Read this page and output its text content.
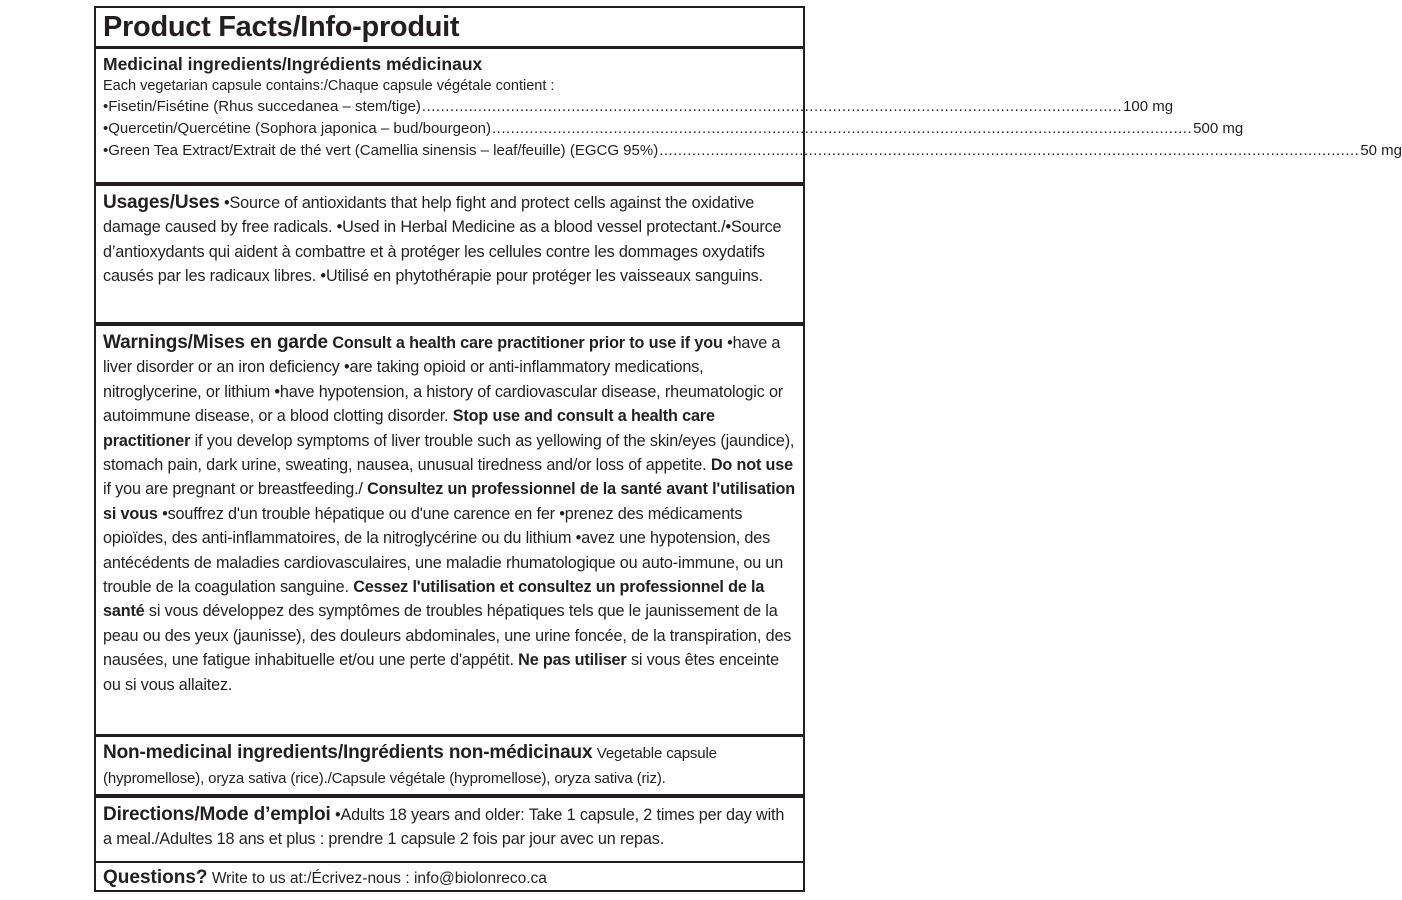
Product Facts/Info-produit
Medicinal ingredients/Ingrédients médicinaux
Each vegetarian capsule contains:/Chaque capsule végétale contient :
•Fisetin/Fisétine (Rhus succedanea – stem/tige) ...................................................................................................................................................... 100 mg
•Quercetin/Quercétine (Sophora japonica – bud/bourgeon) ...................................................................................................................................................... 500 mg
•Green Tea Extract/Extrait de thé vert (Camellia sinensis – leaf/feuille) (EGCG 95%) ...................................................................................................................................................... 50 mg
Usages/Uses •Source of antioxidants that help fight and protect cells against the oxidative damage caused by free radicals. •Used in Herbal Medicine as a blood vessel protectant./•Source d’antioxydants qui aident à combattre et à protéger les cellules contre les dommages oxydatifs causés par les radicaux libres. •Utilisé en phytothérapie pour protéger les vaisseaux sanguins.
Warnings/Mises en garde Consult a health care practitioner prior to use if you •have a liver disorder or an iron deficiency •are taking opioid or anti-inflammatory medications, nitroglycerine, or lithium •have hypotension, a history of cardiovascular disease, rheumatologic or autoimmune disease, or a blood clotting disorder. Stop use and consult a health care practitioner if you develop symptoms of liver trouble such as yellowing of the skin/eyes (jaundice), stomach pain, dark urine, sweating, nausea, unusual tiredness and/or loss of appetite. Do not use if you are pregnant or breastfeeding./ Consultez un professionnel de la santé avant l'utilisation si vous •souffrez d'un trouble hépatique ou d'une carence en fer •prenez des médicaments opioïdes, des anti-inflammatoires, de la nitroglycérine ou du lithium •avez une hypotension, des antécédents de maladies cardiovasculaires, une maladie rhumatologique ou auto-immune, ou un trouble de la coagulation sanguine. Cessez l'utilisation et consultez un professionnel de la santé si vous développez des symptômes de troubles hépatiques tels que le jaunissement de la peau ou des yeux (jaunisse), des douleurs abdominales, une urine foncée, de la transpiration, des nausées, une fatigue inhabituelle et/ou une perte d'appétit. Ne pas utiliser si vous êtes enceinte ou si vous allaitez.
Non-medicinal ingredients/Ingrédients non-médicinaux Vegetable capsule (hypromellose), oryza sativa (rice)./Capsule végétale (hypromellose), oryza sativa (riz).
Directions/Mode d’emploi •Adults 18 years and older: Take 1 capsule, 2 times per day with a meal./Adultes 18 ans et plus : prendre 1 capsule 2 fois par jour avec un repas.
Questions? Write to us at:/Écrivez-nous : info@biolonreco.ca
